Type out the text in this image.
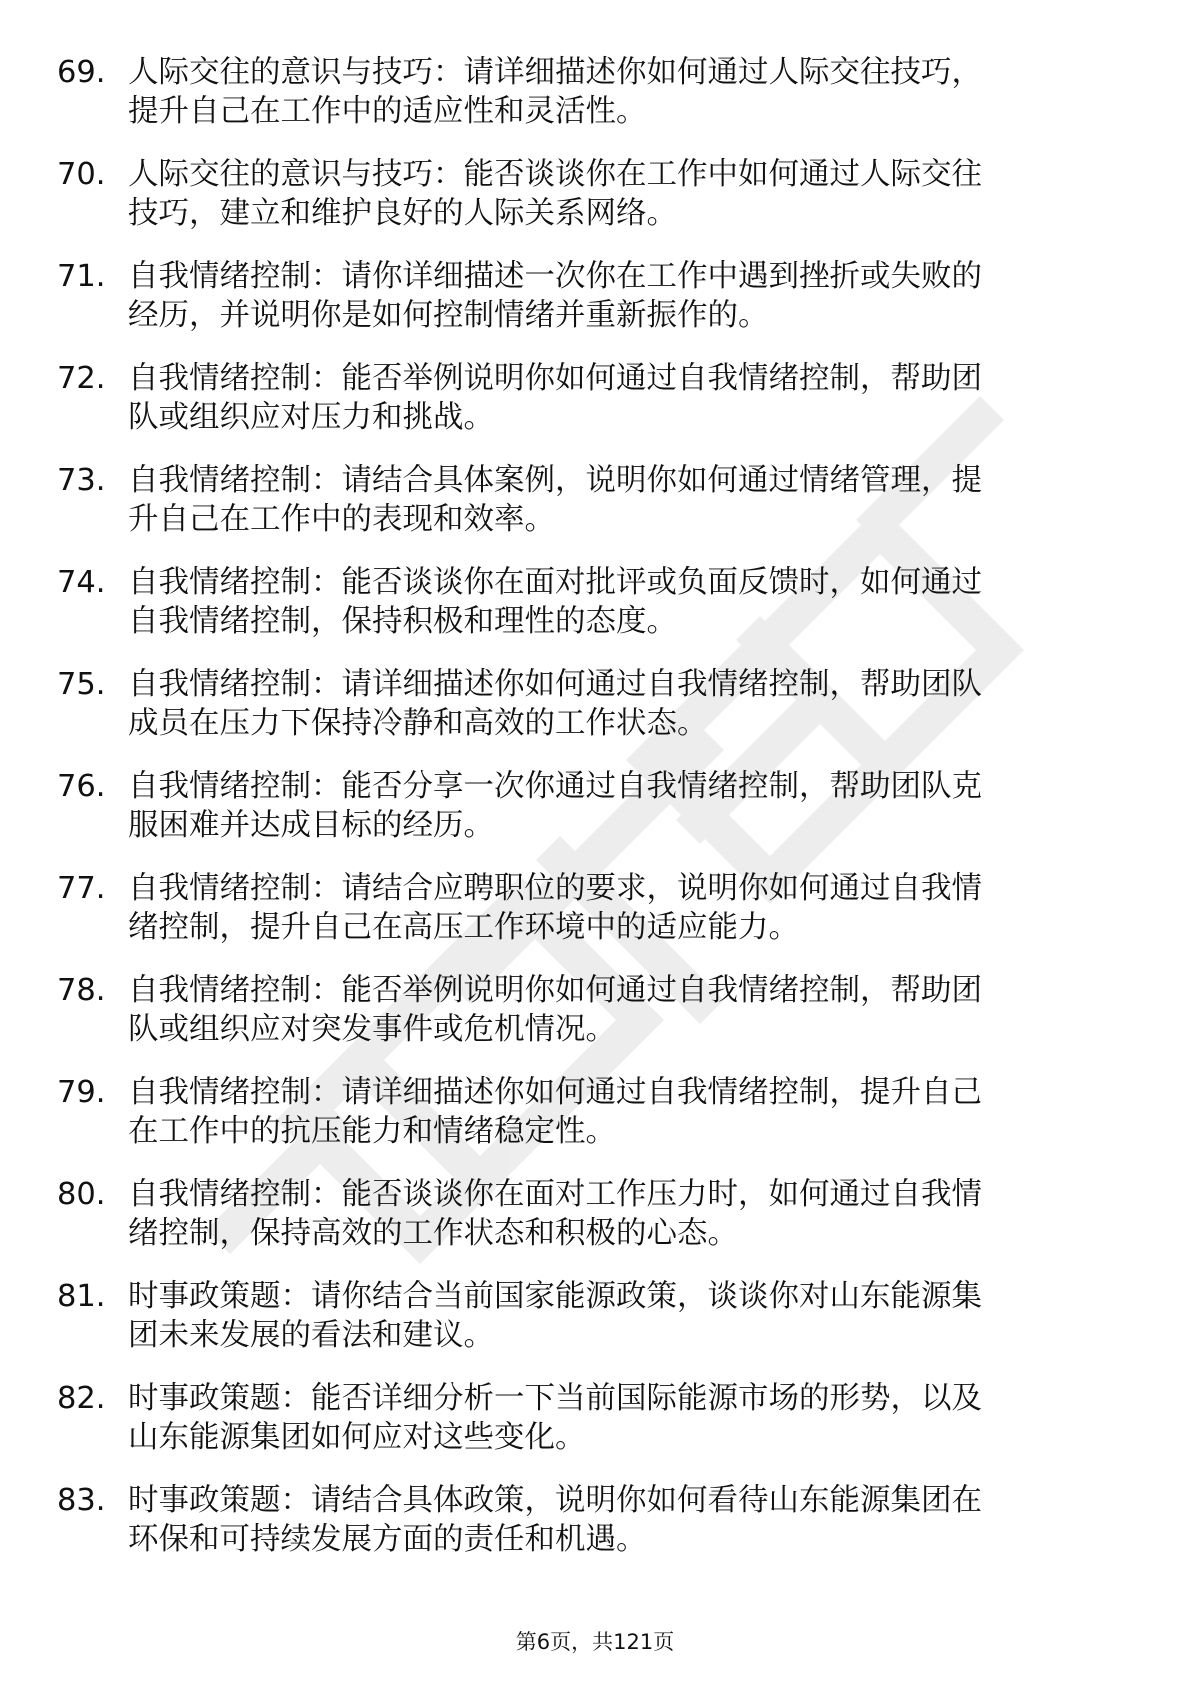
69. 人际交往的意识与技巧：请详细描述你如何通过人际交往技巧，
提升自己在工作中的适应性和灵活性。
70. 人际交往的意识与技巧：能否谈谈你在工作中如何通过人际交往
技巧，建立和维护良好的人际关系网络。
71. 自我情绪控制：请你详细描述一次你在工作中遇到挫折或失败的
经历，并说明你是如何控制情绪并重新振作的。
72. 自我情绪控制：能否举例说明你如何通过自我情绪控制，帮助团
队或组织应对压力和挑战。
73. 自我情绪控制：请结合具体案例，说明你如何通过情绪管理，提
升自己在工作中的表现和效率。
74. 自我情绪控制：能否谈谈你在面对批评或负面反馈时，如何通过
自我情绪控制，保持积极和理性的态度。
75. 自我情绪控制：请详细描述你如何通过自我情绪控制，帮助团队
成员在压力下保持冷静和高效的工作状态。
76. 自我情绪控制：能否分享一次你通过自我情绪控制，帮助团队克
服困难并达成目标的经历。
77. 自我情绪控制：请结合应聘职位的要求，说明你如何通过自我情
绪控制，提升自己在高压工作环境中的适应能力。
78. 自我情绪控制：能否举例说明你如何通过自我情绪控制，帮助团
队或组织应对突发事件或危机情况。
79. 自我情绪控制：请详细描述你如何通过自我情绪控制，提升自己
在工作中的抗压能力和情绪稳定性。
80. 自我情绪控制：能否谈谈你在面对工作压力时，如何通过自我情
绪控制，保持高效的工作状态和积极的心态。
81. 时事政策题：请你结合当前国家能源政策，谈谈你对山东能源集
团未来发展的看法和建议。
82. 时事政策题：能否详细分析一下当前国际能源市场的形势，以及
山东能源集团如何应对这些变化。
83. 时事政策题：请结合具体政策，说明你如何看待山东能源集团在
环保和可持续发展方面的责任和机遇。
第6页，共121页
